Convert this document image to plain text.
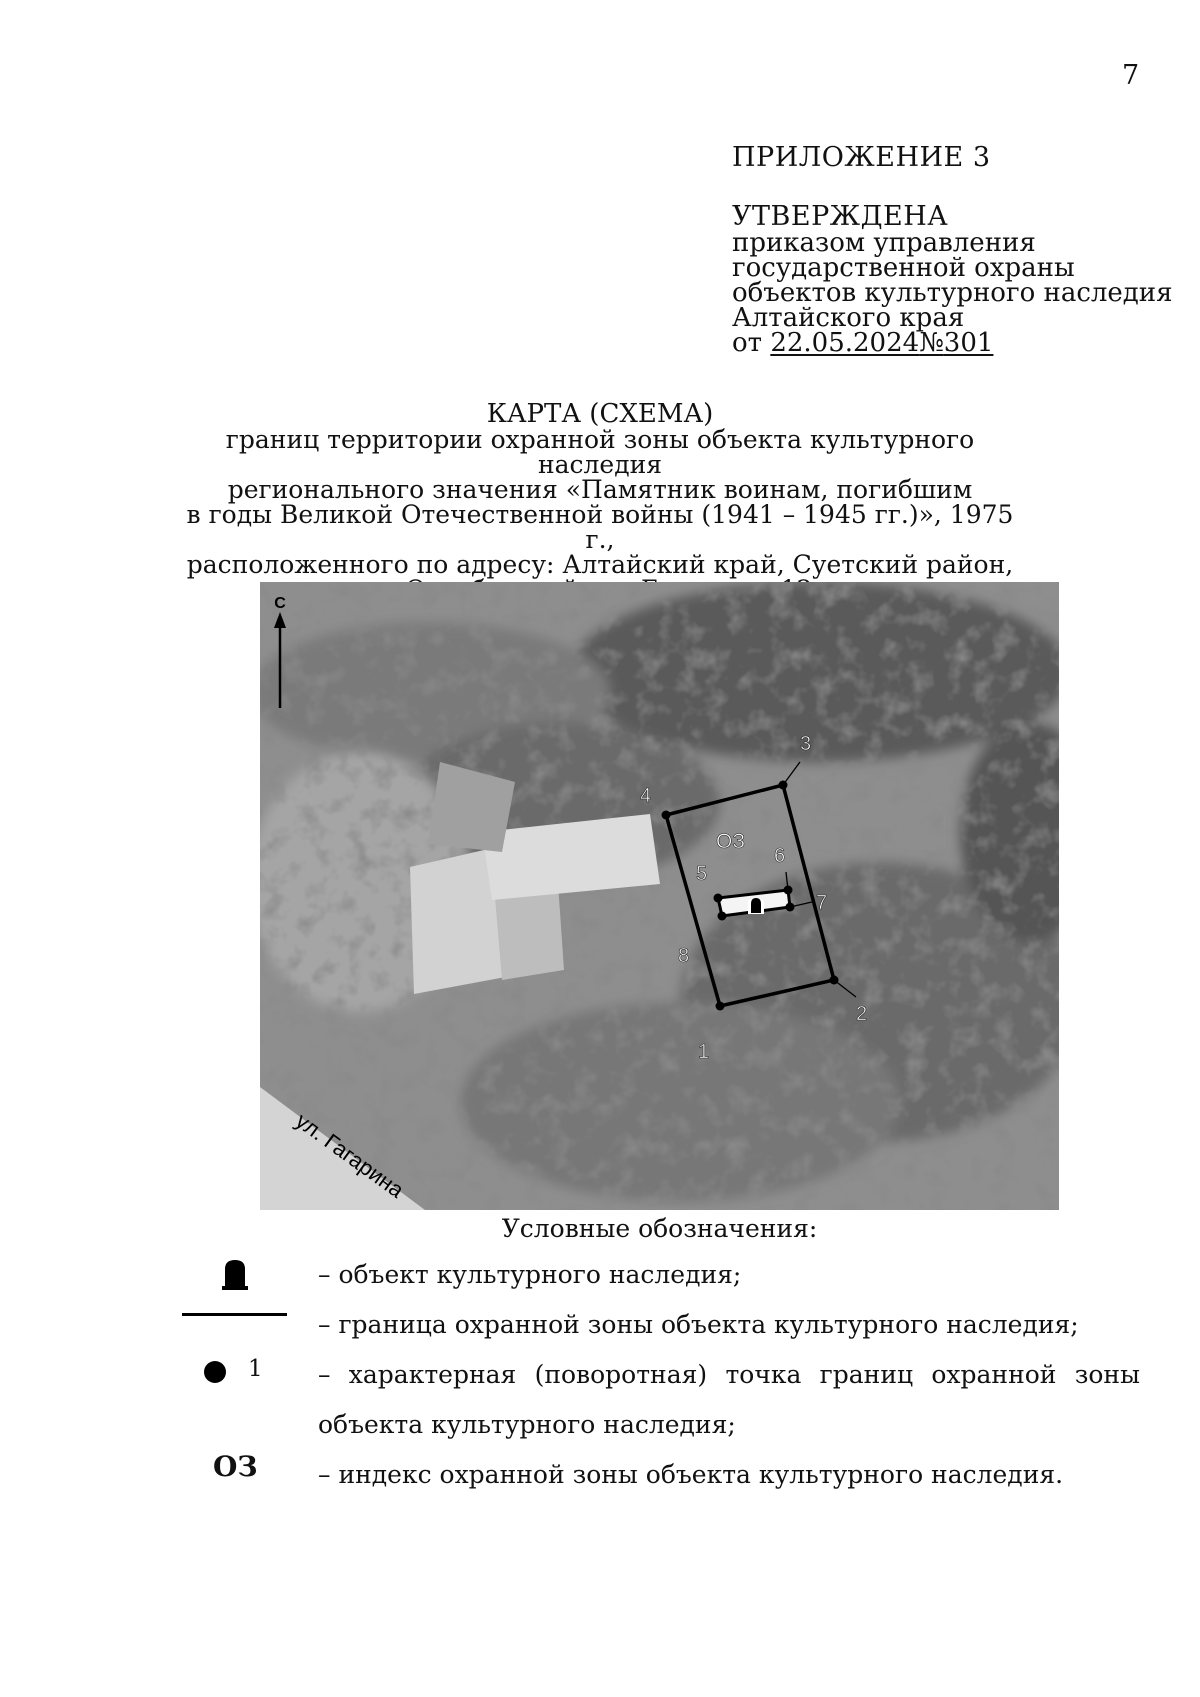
7
ПРИЛОЖЕНИЕ 3
УТВЕРЖДЕНА
приказом управления
государственной охраны
объектов культурного наследия
Алтайского края
от 22.05.2024№301
КАРТА (СХЕМА)
границ территории охранной зоны объекта культурного наследия
регионального значения «Памятник воинам, погибшим
в годы Великой Отечественной войны (1941 – 1945 гг.)», 1975 г.,
расположенного по адресу: Алтайский край, Суетский район,
С
1
2
3
4
5
6
7
8
ОЗ
ул. Гагарина
Условные обозначения:
– объект культурного наследия;
– граница охранной зоны объекта культурного наследия;
1 – характерная (поворотная) точка границ охранной зоны объекта культурного наследия;
ОЗ – индекс охранной зоны объекта культурного наследия.
